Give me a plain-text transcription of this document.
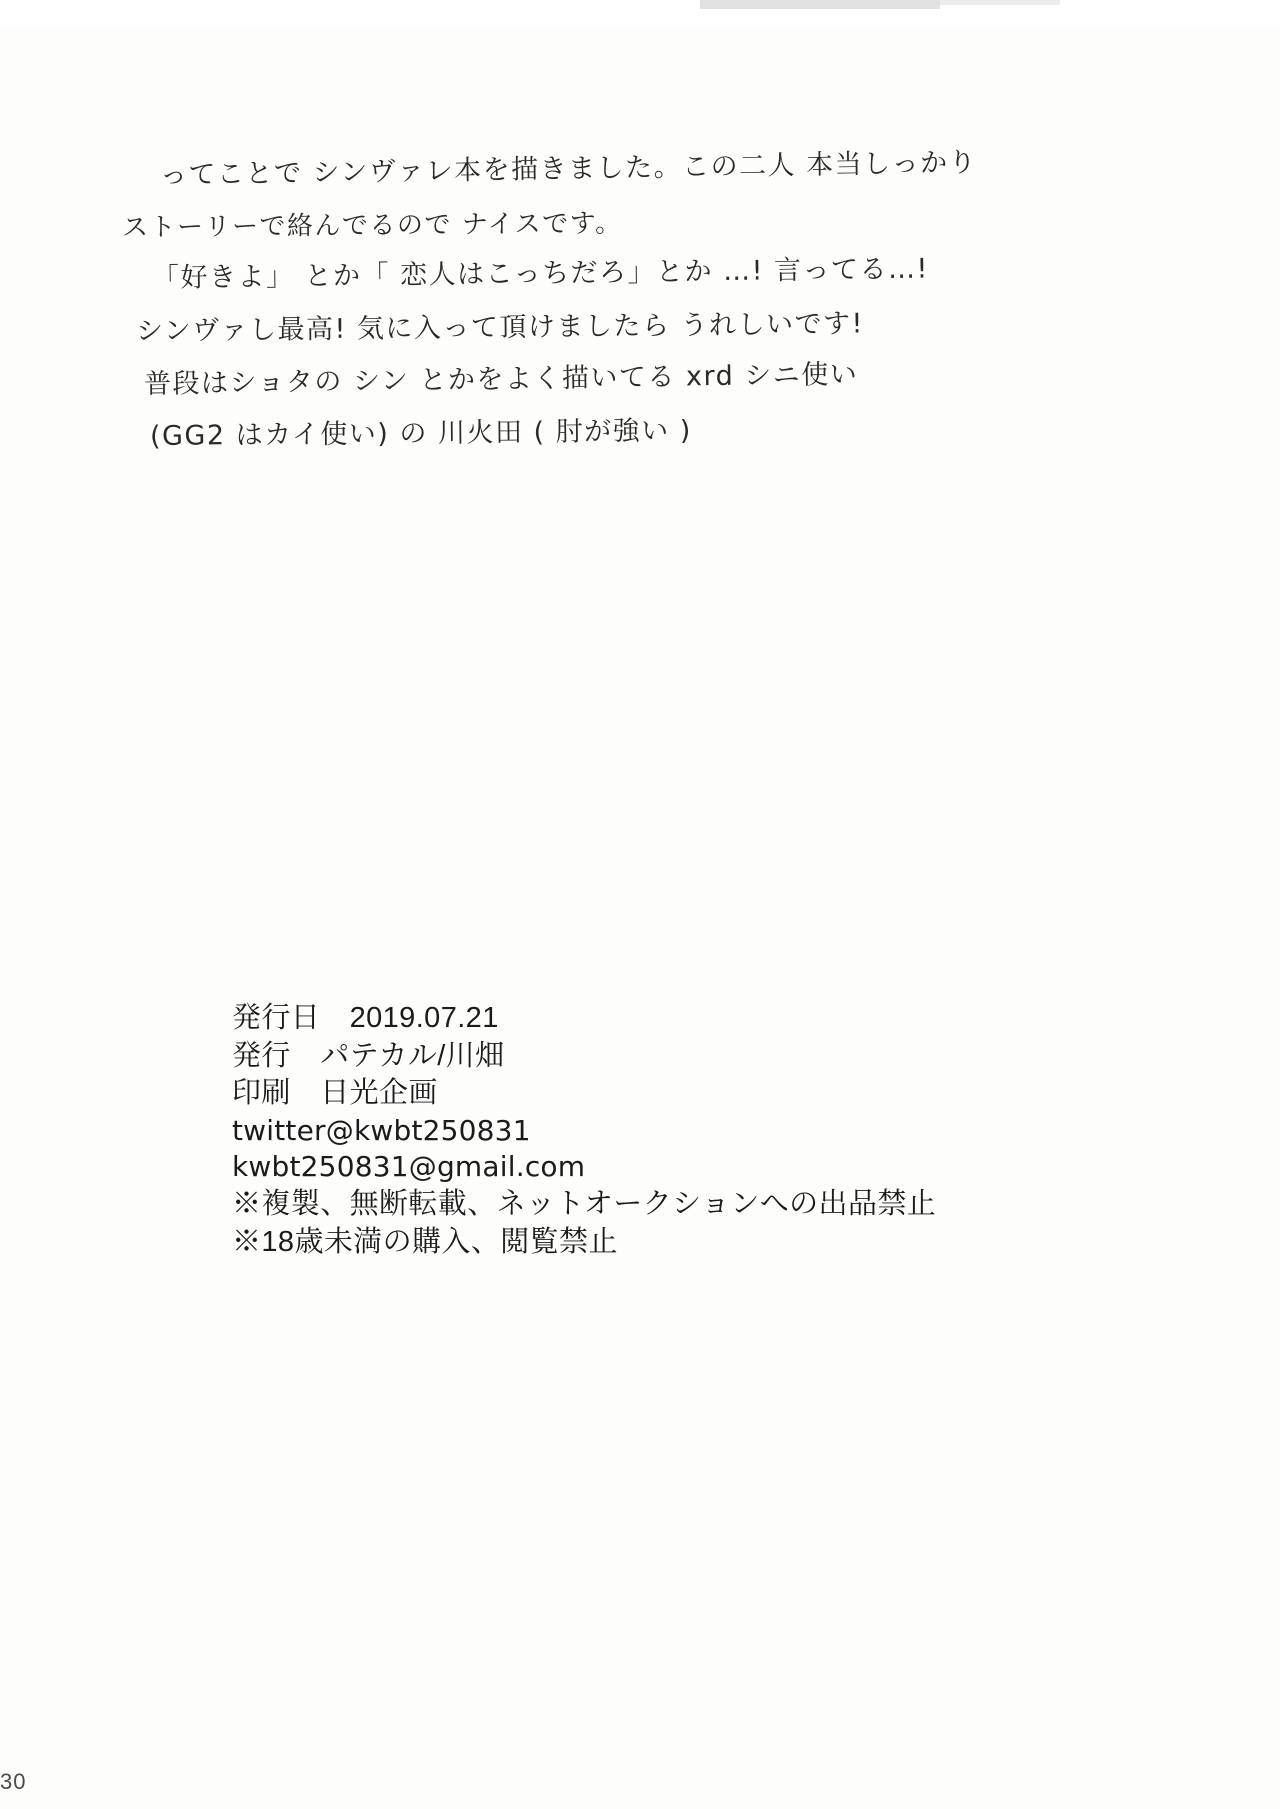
ってことで シンヴァレ本を描きました。この二人 本当しっかり
ストーリーで絡んでるので ナイスです。
「好きよ」 とか「 恋人はこっちだろ」とか …! 言ってる…!
シンヴァし最高! 気に入って頂けましたら うれしいです!
普段はショタの シン とかをよく描いてる xrd シニ使い
(GG2 はカイ使い) の 川火田 ( 肘が強い )
発行日　2019.07.21
発行　パテカル/川畑
印刷　日光企画
twitter@kwbt250831
kwbt250831@gmail.com
※複製、無断転載、ネットオークションへの出品禁止
※18歳未満の購入、閲覧禁止
30
